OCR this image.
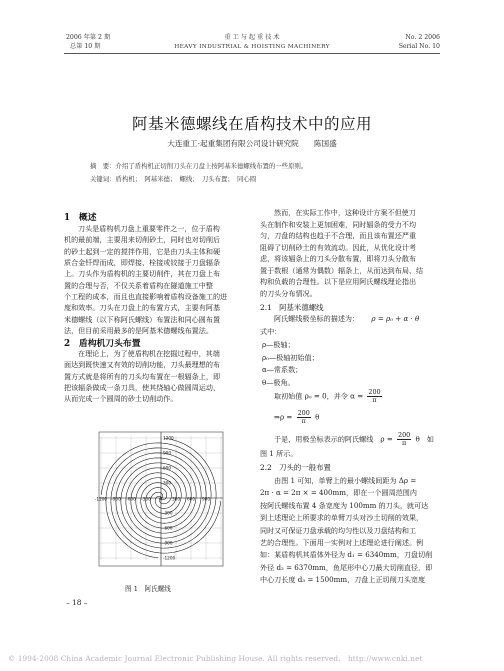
2006 年第 2 期
总第 10 期
重 工 与 起 重 技 术
HEAVY INDUSTRIAL & HOISTING MACHINERY
No. 2 2006
Serial No. 10
阿基米德螺线在盾构技术中的应用
大连重工·起重集团有限公司设计研究院　　陈国盛
摘　要：介绍了盾构机正切削刀头在刀盘上按阿基米德螺线布置的一些原则。
关键词：盾构机；　阿基米德；　螺线；　刀头布置；　同心圆
1　概述
刀头是盾构机刀盘上重要零件之一，位于盾构
机的最前端，主要用来切削砂土，同时也对切削后
的砂土起到一定的搅拌作用，它是由刀头主体和硬
质合金钎焊而成，即焊接、栓接或铰接于刀盘辐条
上。刀头作为盾构机的主要切削件，其在刀盘上布
置的合理与否，不仅关系着盾构在隧道施工中整
个工程的成本，而且也直接影响着盾构设备施工的进
度和效率。刀头在刀盘上的布置方式，主要有阿基
米德螺线（以下称阿氏螺线）布置法和同心圆布置
法，但目前采用最多的是阿基米德螺线布置法。
2　盾构机刀头布置
在理论上，为了使盾构机在挖掘过程中，其端
面达到既快速又有效的切削功能，刀头最理想的布
置方式就是将所有的刀头均布置在一根辐条上，即
把该辐条做成一条刀具，使其绕轴心做圆周运动，
从而完成一个圆周的砂土切削动作。
-1200 -900 -600 -300 0 300 600 900
1200
900
600
300
-300
-600
-900
-1200
图 1　阿氏螺线
然而，在实际工作中，这种设计方案不但使刀
头在制作和安装上更加困难，同时辐条的受力不均
匀，刀盘的结构也趋于不合理，而且该布置还严重
阻碍了切削砂土的有效流动。因此，从优化设计考
虑，将该辐条上的刀头分散布置，即将刀头分散布
置于数根（通常为偶数）辐条上，从而达到布局、结
构和负载的合理性。以下是应用阿氏螺线理论指出
的刀头分布情况。
2.1　阿基米德螺线
阿氏螺线极坐标的描述为： ρ = ρ₀ + α · θ
式中：
ρ—极轴；
ρ₀—极轴初始值；
α—常系数；
θ—极角。
取初始值 ρ₀ = 0，并令 $\alpha = \frac{200}{\pi}$
⇒ρ = $\frac{200}{\pi}$ θ
于是，用极坐标表示的阿氏螺线　$\rho = \frac{200}{\pi}$ θ　如
图 1 所示。
2.2　刀头的一般布置
由图 1 可知，单臂上的最小螺线间距为 Δρ =
2π · α = 2π × = 400mm，即在一个圆周范围内
按阿氏螺线布置 4 条宽度为 100mm 的刀头，就可达
到上述理论上所要求的单臂刀头对沙土切削的效果，
同时又可保证刀盘承载的均匀性以及刀盘结构和工
艺的合理性。下面用一实例对上述理论进行阐述。例
如：某盾构机其盾体外径为 d₁ = 6340mm，刀盘切削
外径 d₂ = 6370mm，鱼尾形中心刀最大切削直径，即
中心刀长度 d₃ = 1500mm，刀盘上正切削刀头宽度
– 18 –
© 1994-2008 China Academic Journal Electronic Publishing House. All rights reserved.　http://www.cnki.net
